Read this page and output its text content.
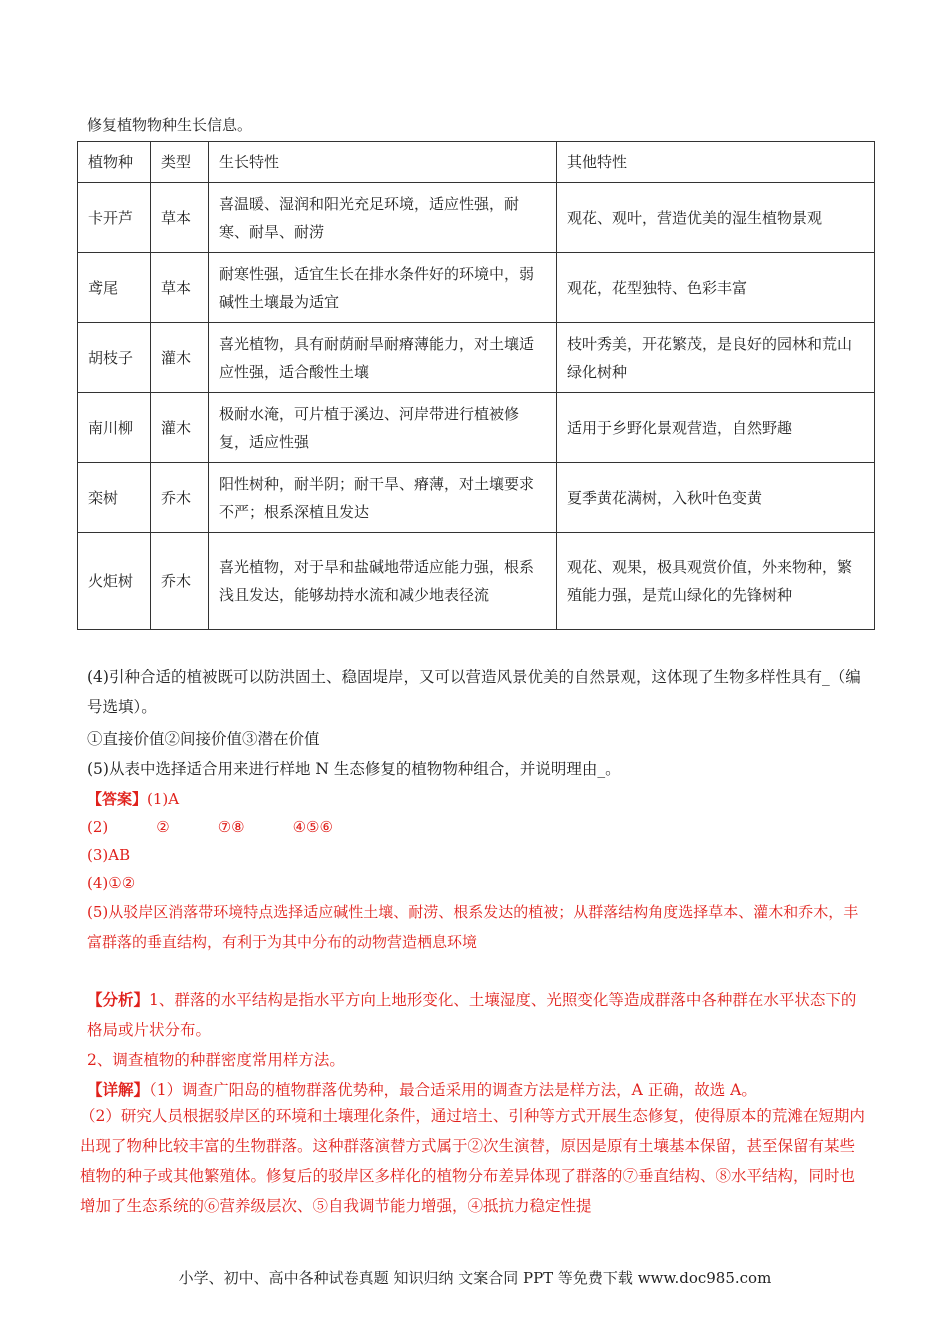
修复植物物种生长信息。
植物种	类型	生长特性	其他特性
卡开芦	草本	喜温暖、湿润和阳光充足环境，适应性强，耐寒、耐旱、耐涝	观花、观叶，营造优美的湿生植物景观
鸢尾	草本	耐寒性强，适宜生长在排水条件好的环境中，弱碱性土壤最为适宜	观花，花型独特、色彩丰富
胡枝子	灌木	喜光植物，具有耐荫耐旱耐瘠薄能力，对土壤适应性强，适合酸性土壤	枝叶秀美，开花繁茂，是良好的园林和荒山绿化树种
南川柳	灌木	极耐水淹，可片植于溪边、河岸带进行植被修复，适应性强	适用于乡野化景观营造，自然野趣
栾树	乔木	阳性树种，耐半阴；耐干旱、瘠薄，对土壤要求不严；根系深植且发达	夏季黄花满树，入秋叶色变黄
火炬树	乔木	喜光植物，对于旱和盐碱地带适应能力强，根系浅且发达，能够劫持水流和减少地表径流	观花、观果，极具观赏价值，外来物种，繁殖能力强，是荒山绿化的先锋树种
(4)引种合适的植被既可以防洪固土、稳固堤岸，又可以营造风景优美的自然景观，这体现了生物多样性具有_（编号选填）。
①直接价值②间接价值③潜在价值
(5)从表中选择适合用来进行样地 N 生态修复的植物物种组合，并说明理由_。
【答案】(1)A
(2)	②	⑦⑧	④⑤⑥
(3)AB
(4)①②
(5)从驳岸区消落带环境特点选择适应碱性土壤、耐涝、根系发达的植被；从群落结构角度选择草本、灌木和乔木，丰富群落的垂直结构，有利于为其中分布的动物营造栖息环境
【分析】1、群落的水平结构是指水平方向上地形变化、土壤湿度、光照变化等造成群落中各种群在水平状态下的格局或片状分布。
2、调查植物的种群密度常用样方法。
【详解】（1）调查广阳岛的植物群落优势种，最合适采用的调查方法是样方法，A 正确，故选 A。
（2）研究人员根据驳岸区的环境和土壤理化条件，通过培土、引种等方式开展生态修复，使得原本的荒滩在短期内出现了物种比较丰富的生物群落。这种群落演替方式属于②次生演替，原因是原有土壤基本保留，甚至保留有某些植物的种子或其他繁殖体。修复后的驳岸区多样化的植物分布差异体现了群落的⑦垂直结构、⑧水平结构，同时也增加了生态系统的⑥营养级层次、⑤自我调节能力增强，④抵抗力稳定性提
小学、初中、高中各种试卷真题 知识归纳 文案合同 PPT 等免费下载 www.doc985.com
